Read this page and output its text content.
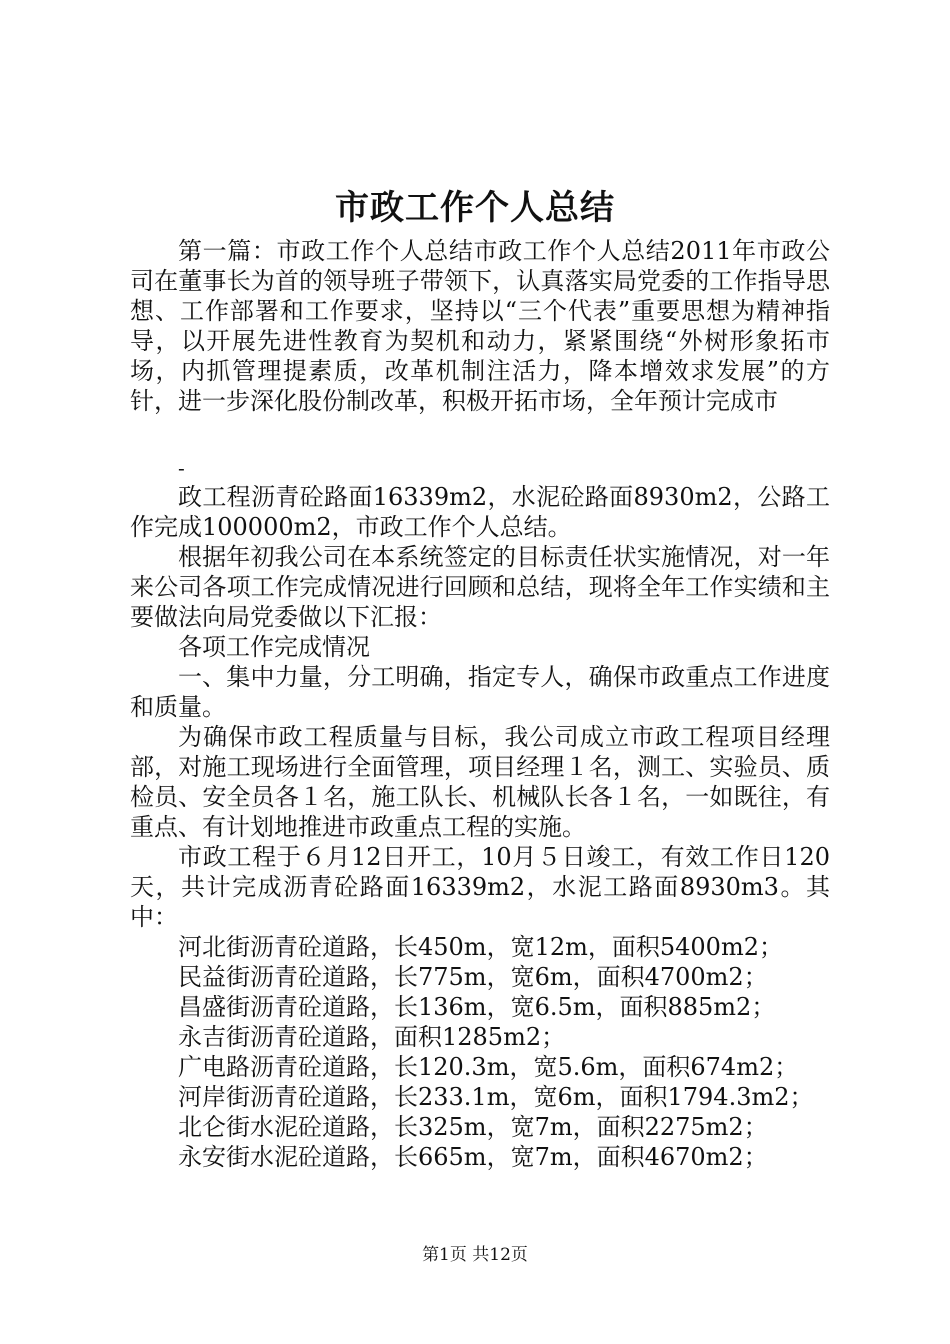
市政工作个人总结

第一篇：市政工作个人总结市政工作个人总结2011年市政公司在董事长为首的领导班子带领下，认真落实局党委的工作指导思想、工作部署和工作要求，坚持以“三个代表”重要思想为精神指导，以开展先进性教育为契机和动力，紧紧围绕“外树形象拓市场，内抓管理提素质，改革机制注活力，降本增效求发展”的方针，进一步深化股份制改革，积极开拓市场，全年预计完成市

-

政工程沥青砼路面16339m2，水泥砼路面8930m2，公路工作完成100000m2，市政工作个人总结。

根据年初我公司在本系统签定的目标责任状实施情况，对一年来公司各项工作完成情况进行回顾和总结，现将全年工作实绩和主要做法向局党委做以下汇报：

各项工作完成情况

一、集中力量，分工明确，指定专人，确保市政重点工作进度和质量。

为确保市政工程质量与目标，我公司成立市政工程项目经理部，对施工现场进行全面管理，项目经理１名，测工、实验员、质检员、安全员各１名，施工队长、机械队长各１名，一如既往，有重点、有计划地推进市政重点工程的实施。

市政工程于６月12日开工，10月５日竣工，有效工作日120天，共计完成沥青砼路面16339m2，水泥工路面8930m3。其中：

河北街沥青砼道路，长450m，宽12m，面积5400m2；

民益街沥青砼道路，长775m，宽6m，面积4700m2；

昌盛街沥青砼道路，长136m，宽6.5m，面积885m2；

永吉街沥青砼道路，面积1285m2；

广电路沥青砼道路，长120.3m，宽5.6m，面积674m2；

河岸街沥青砼道路，长233.1m，宽6m，面积1794.3m2；

北仑街水泥砼道路，长325m，宽7m，面积2275m2；

永安街水泥砼道路，长665m，宽7m，面积4670m2；

第1页 共12页
